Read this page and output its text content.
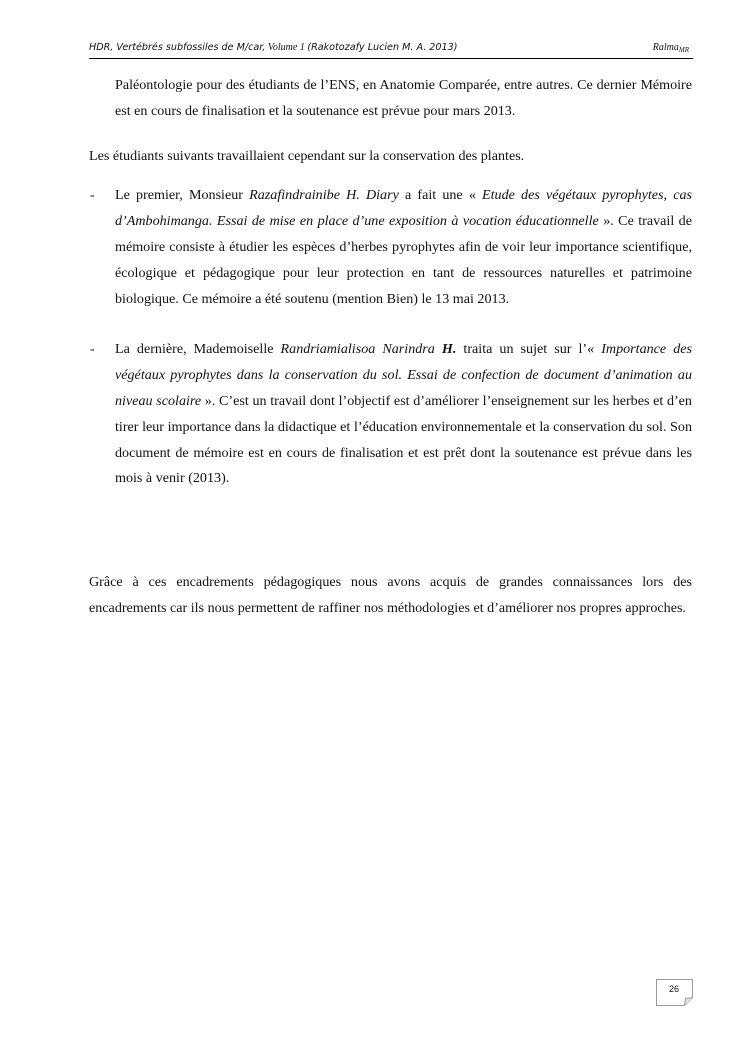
HDR, Vertébrés subfossiles de M/car, Volume 1 (Rakotozafy Lucien M. A. 2013)	Ralma$_{MR}$

Paléontologie pour des étudiants de l’ENS, en Anatomie Comparée, entre autres. Ce dernier Mémoire est en cours de finalisation et la soutenance est prévue pour mars 2013.

Les étudiants suivants travaillaient cependant sur la conservation des plantes.

- Le premier, Monsieur Razafindrainibe H. Diary a fait une « Etude des végétaux pyrophytes, cas d’Ambohimanga. Essai de mise en place d’une exposition à vocation éducationnelle ». Ce travail de mémoire consiste à étudier les espèces d’herbes pyrophytes afin de voir leur importance scientifique, écologique et pédagogique pour leur protection en tant de ressources naturelles et patrimoine biologique. Ce mémoire a été soutenu (mention Bien) le 13 mai 2013.
- La dernière, Mademoiselle Randriamialisoa Narindra H. traita un sujet sur l’« Importance des végétaux pyrophytes dans la conservation du sol. Essai de confection de document d’animation au niveau scolaire ». C’est un travail dont l’objectif est d’améliorer l’enseignement sur les herbes et d’en tirer leur importance dans la didactique et l’éducation environnementale et la conservation du sol. Son document de mémoire est en cours de finalisation et est prêt dont la soutenance est prévue dans les mois à venir (2013).

Grâce à ces encadrements pédagogiques nous avons acquis de grandes connaissances lors des encadrements car ils nous permettent de raffiner nos méthodologies et d’améliorer nos propres approches.

26
